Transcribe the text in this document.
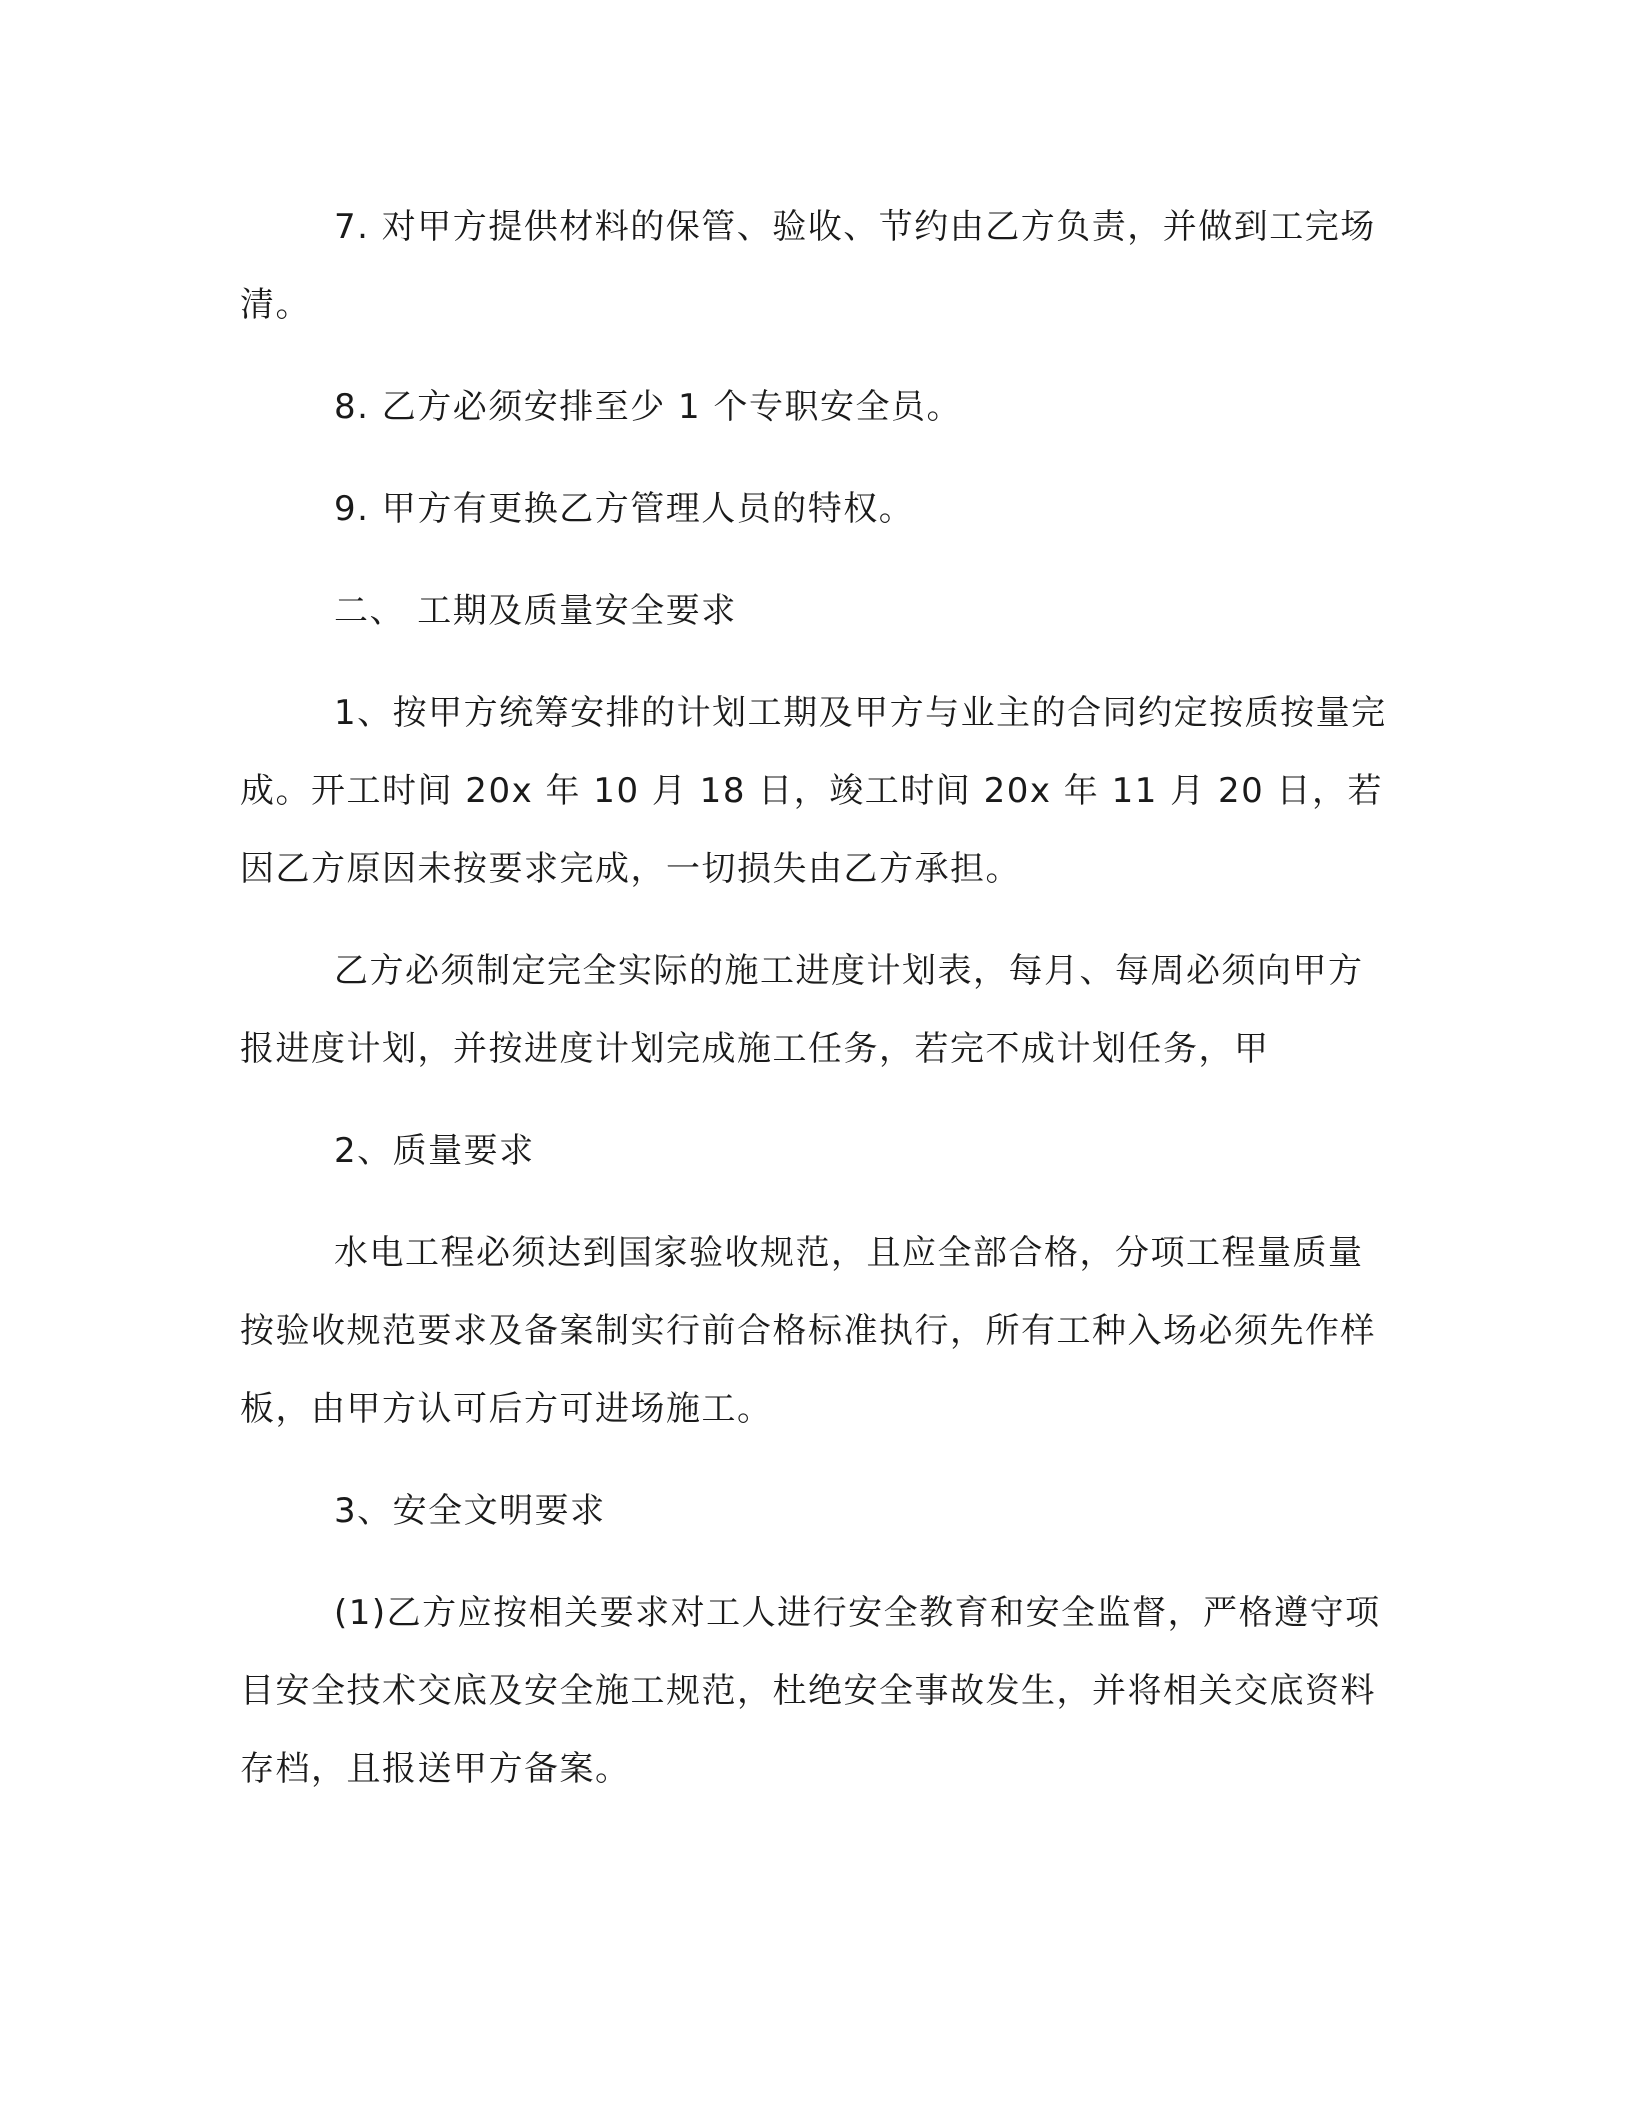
7. 对甲方提供材料的保管、验收、节约由乙方负责，并做到工完场清。

8. 乙方必须安排至少 1 个专职安全员。

9. 甲方有更换乙方管理人员的特权。

二、 工期及质量安全要求

1、按甲方统筹安排的计划工期及甲方与业主的合同约定按质按量完成。开工时间 20x 年 10 月 18 日，竣工时间 20x 年 11 月 20 日，若因乙方原因未按要求完成，一切损失由乙方承担。

乙方必须制定完全实际的施工进度计划表，每月、每周必须向甲方报进度计划，并按进度计划完成施工任务，若完不成计划任务，甲

2、质量要求

水电工程必须达到国家验收规范，且应全部合格，分项工程量质量按验收规范要求及备案制实行前合格标准执行，所有工种入场必须先作样板，由甲方认可后方可进场施工。

3、安全文明要求

(1)乙方应按相关要求对工人进行安全教育和安全监督，严格遵守项目安全技术交底及安全施工规范，杜绝安全事故发生，并将相关交底资料存档，且报送甲方备案。
